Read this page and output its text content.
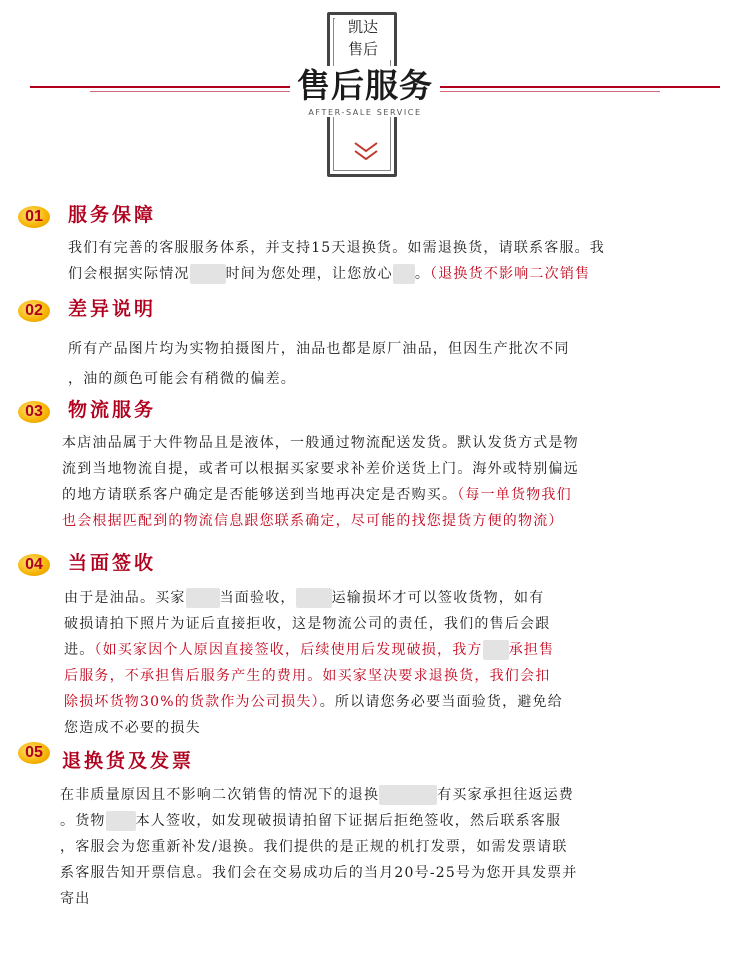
凯达
售后
售后服务
AFTER-SALE SERVICE
01	服务保障

我们有完善的客服服务体系，并支持15天退换货。如需退换货，请联系客服。我

们会根据实际情况	时间为您处理，让您放心 。（退换货不影响二次销售

02	差异说明

所有产品图片均为实物拍摄图片，油品也都是原厂油品，但因生产批次不同

，油的颜色可能会有稍微的偏差。

03	物流服务

本店油品属于大件物品且是液体，一般通过物流配送发货。默认发货方式是物

流到当地物流自提，或者可以根据买家要求补差价送货上门。海外或特别偏远

的地方请联系客户确定是否能够送到当地再决定是否购买。（每一单货物我们

也会根据匹配到的物流信息跟您联系确定，尽可能的找您提货方便的物流）

04	当面签收

由于是油品。买家 当面验收，	运输损坏才可以签收货物，如有

破损请拍下照片为证后直接拒收，这是物流公司的责任，我们的售后会跟

进。（如买家因个人原因直接签收，后续使用后发现破损，我方 承担售

后服务，不承担售后服务产生的费用。如买家坚决要求退换货，我们会扣

除损坏货物30%的货款作为公司损失）。所以请您务必要当面验货，避免给

您造成不必要的损失

05	退换货及发票

在非质量原因且不影响二次销售的情况下的退换	有买家承担往返运费

。货物 本人签收，如发现破损请拍留下证据后拒绝签收，然后联系客服

，客服会为您重新补发/退换。我们提供的是正规的机打发票，如需发票请联

系客服告知开票信息。我们会在交易成功后的当月20号-25号为您开具发票并

寄出
